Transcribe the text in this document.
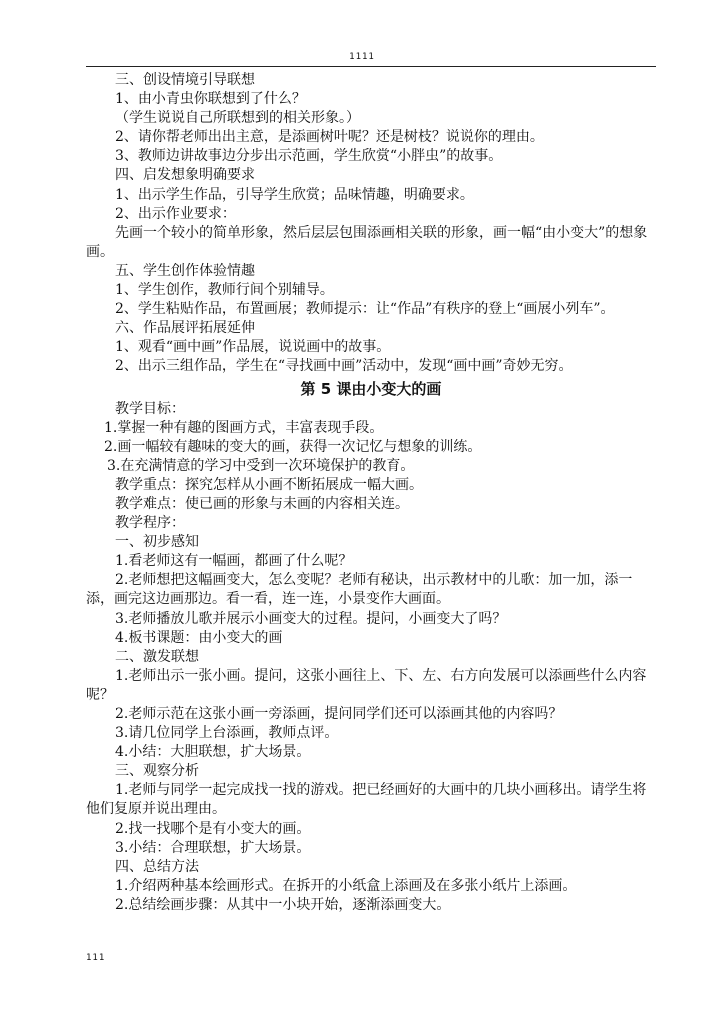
1111

三、创设情境引导联想

1、由小青虫你联想到了什么？

（学生说说自己所联想到的相关形象。）

2、请你帮老师出出主意，是添画树叶呢？还是树枝？说说你的理由。

3、教师边讲故事边分步出示范画，学生欣赏“小胖虫”的故事。

四、启发想象明确要求

1、出示学生作品，引导学生欣赏；品味情趣，明确要求。

2、出示作业要求：

先画一个较小的简单形象，然后层层包围添画相关联的形象，画一幅“由小变大”的想象画。

五、学生创作体验情趣

1、学生创作，教师行间个别辅导。

2、学生粘贴作品，布置画展；教师提示：让“作品”有秩序的登上“画展小列车”。

六、作品展评拓展延伸

1、观看“画中画”作品展，说说画中的故事。

2、出示三组作品，学生在“寻找画中画”活动中，发现“画中画”奇妙无穷。

第 5 课由小变大的画

教学目标：

1.掌握一种有趣的图画方式，丰富表现手段。

2.画一幅较有趣味的变大的画，获得一次记忆与想象的训练。

3.在充满情意的学习中受到一次环境保护的教育。

教学重点：探究怎样从小画不断拓展成一幅大画。

教学难点：使已画的形象与未画的内容相关连。

教学程序：

一、初步感知

1.看老师这有一幅画，都画了什么呢？

2.老师想把这幅画变大，怎么变呢？老师有秘诀，出示教材中的儿歌：加一加，添一添，画完这边画那边。看一看，连一连，小景变作大画面。

3.老师播放儿歌并展示小画变大的过程。提问，小画变大了吗？

4.板书课题：由小变大的画

二、激发联想

1.老师出示一张小画。提问，这张小画往上、下、左、右方向发展可以添画些什么内容呢？

2.老师示范在这张小画一旁添画，提问同学们还可以添画其他的内容吗？

3.请几位同学上台添画，教师点评。

4.小结：大胆联想，扩大场景。

三、观察分析

1.老师与同学一起完成找一找的游戏。把已经画好的大画中的几块小画移出。请学生将他们复原并说出理由。

2.找一找哪个是有小变大的画。

3.小结：合理联想，扩大场景。

四、总结方法

1.介绍两种基本绘画形式。在拆开的小纸盒上添画及在多张小纸片上添画。

2.总结绘画步骤：从其中一小块开始，逐渐添画变大。

111
